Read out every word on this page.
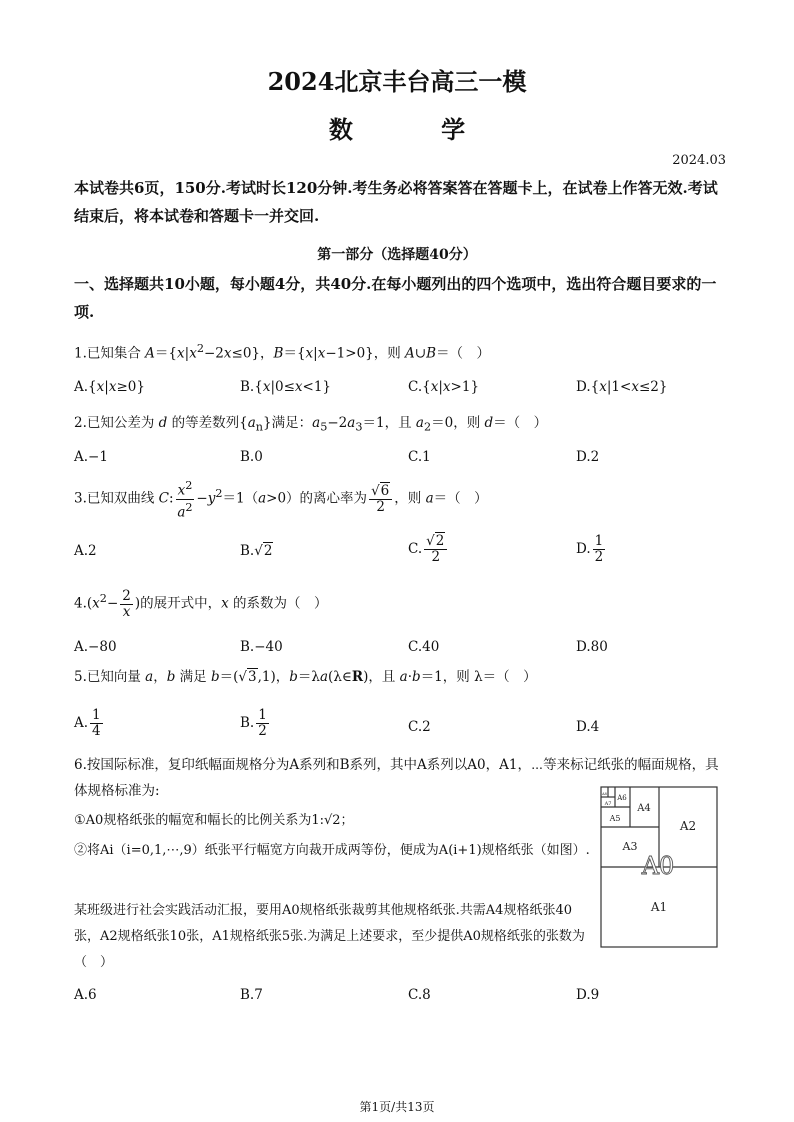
2024北京丰台高三一模
数 学
2024.03
本试卷共6页，150分.考试时长120分钟.考生务必将答案答在答题卡上，在试卷上作答无效.考试结束后，将本试卷和答题卡一并交回.
第一部分（选择题40分）
一、选择题共10小题，每小题4分，共40分.在每小题列出的四个选项中，选出符合题目要求的一项.
1.已知集合 $A=\{x|x^2-2x\le 0\}$，B＝{x|x−1>0}，则 A∪B＝（　）
A.{x|x≥0}	B.{x|0≤x<1}	C.{x|x>1}	D.{x|1<x≤2}
2.已知公差为 d 的等差数列$\{a_n\}$满足：$a_5-2a_3=1$，且 $a_2=0$，则 d＝（　）
A.−1	B.0	C.1	D.2
3.已知双曲线 C: $\frac{x^2}{a^2} -y^2=1(a>0)$的离心率为 $\frac{√6}{2}$ ，则 a＝（　）
A.2	B.√2	C. $\frac{√2}{2}$	D. $\frac{1}{2}$
$4.(x^2- \frac{2}{x}$ )的展开式中，x 的系数为（　）
A.−80	B.−40	C.40	D.80
5.已知向量 a，b 满足 b＝(√3,1)，b＝λa(λ∈R)，且 a·b＝1，则 λ＝（　）
A. $\frac{1}{4}$	B. $\frac{1}{2}$	C.2	D.4
6.按国际标准，复印纸幅面规格分为A系列和B系列，其中A系列以A0，A1，⋯等来标记纸张的幅面规格，具体规格标准为:
①A0规格纸张的幅宽和幅长的比例关系为1:√2；
②将Ai（i=0,1,⋯,9）纸张平行幅宽方向裁开成两等份，便成为A(i+1)规格纸张（如图）.
某班级进行社会实践活动汇报，要用A0规格纸张裁剪其他规格纸张.共需A4规格纸张40张，A2规格纸张10张，A1规格纸张5张.为满足上述要求，至少提供A0规格纸张的张数为（　）
A.6	B.7	C.8	D.9
A0
A1
A2
A3
A4
A5
A6
A7
A8
第1页/共13页
